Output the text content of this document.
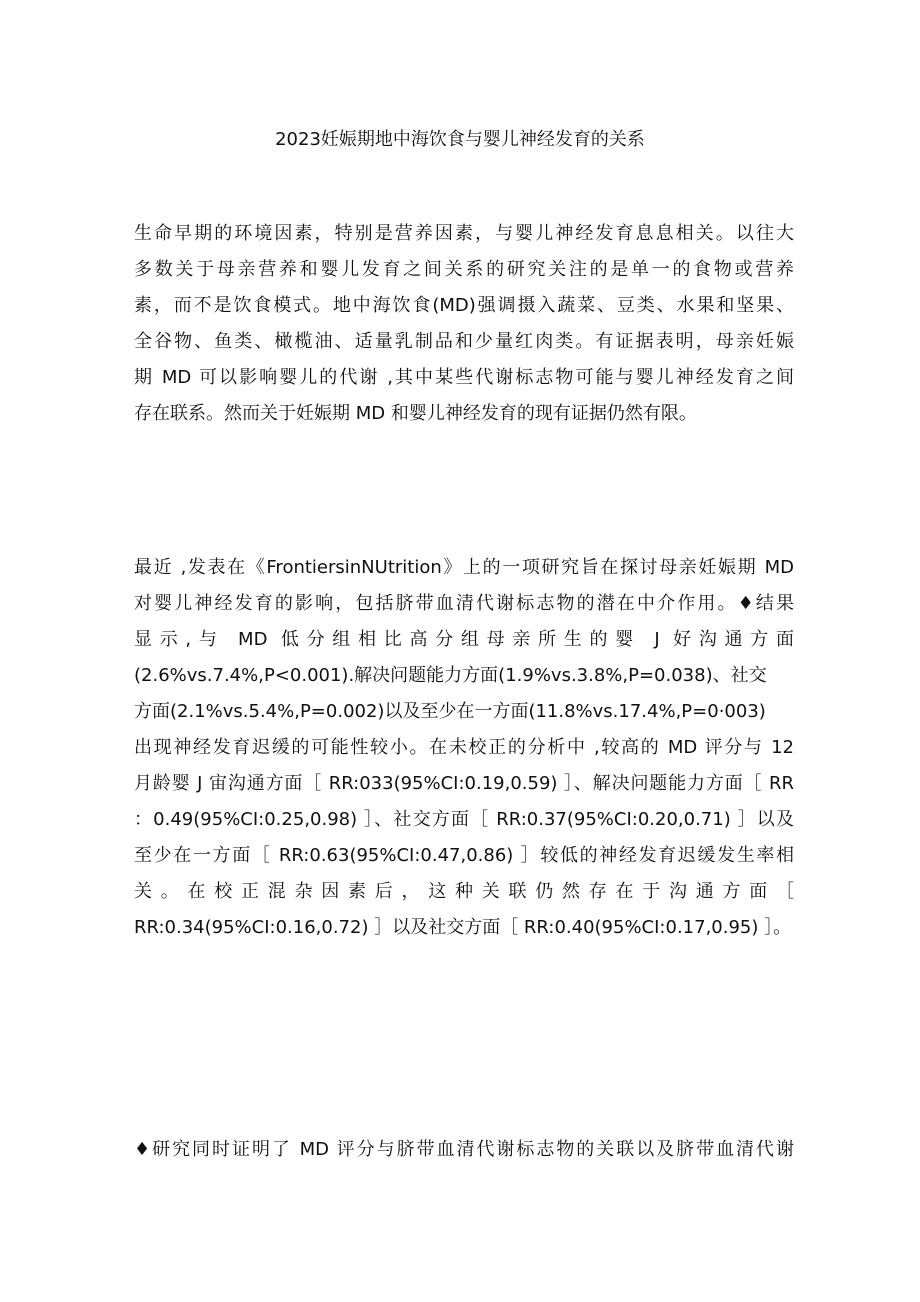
2023妊娠期地中海饮食与婴儿神经发育的关系
生命早期的环境因素，特别是营养因素，与婴儿神经发育息息相关。以往大
多数关于母亲营养和婴儿发育之间关系的研究关注的是单一的食物或营养
素，而不是饮食模式。地中海饮食(MD)强调摄入蔬菜、豆类、水果和坚果、
全谷物、鱼类、橄榄油、适量乳制品和少量红肉类。有证据表明，母亲妊娠
期 MD 可以影响婴儿的代谢 ,其中某些代谢标志物可能与婴儿神经发育之间
存在联系。然而关于妊娠期 MD 和婴儿神经发育的现有证据仍然有限。
最近 ,发表在《FrontiersinNUtrition》上的一项研究旨在探讨母亲妊娠期 MD
对婴儿神经发育的影响，包括脐带血清代谢标志物的潜在中介作用。♦结果
显示,与 MD 低分组相比高分组母亲所生的婴 J 好沟通方面
(2.6%vs.7.4%,P<0.001).解决问题能力方面(1.9%vs.3.8%,P=0.038)、社交
方面(2.1%vs.5.4%,P=0.002)以及至少在一方面(11.8%vs.17.4%,P=0·003)
出现神经发育迟缓的可能性较小。在未校正的分析中 ,较高的 MD 评分与 12
月龄婴 J 宙沟通方面［ RR:033(95%CI:0.19,0.59) ］、解决问题能力方面［ RR
：0.49(95%CI:0.25,0.98) ］、社交方面［ RR:0.37(95%CI:0.20,0.71) ］以及
至少在一方面［ RR:0.63(95%CI:0.47,0.86) ］较低的神经发育迟缓发生率相
关。在校正混杂因素后，这种关联仍然存在于沟通方面［
RR:0.34(95%CI:0.16,0.72) ］以及社交方面［ RR:0.40(95%CI:0.17,0.95) ］。
♦研究同时证明了 MD 评分与脐带血清代谢标志物的关联以及脐带血清代谢
